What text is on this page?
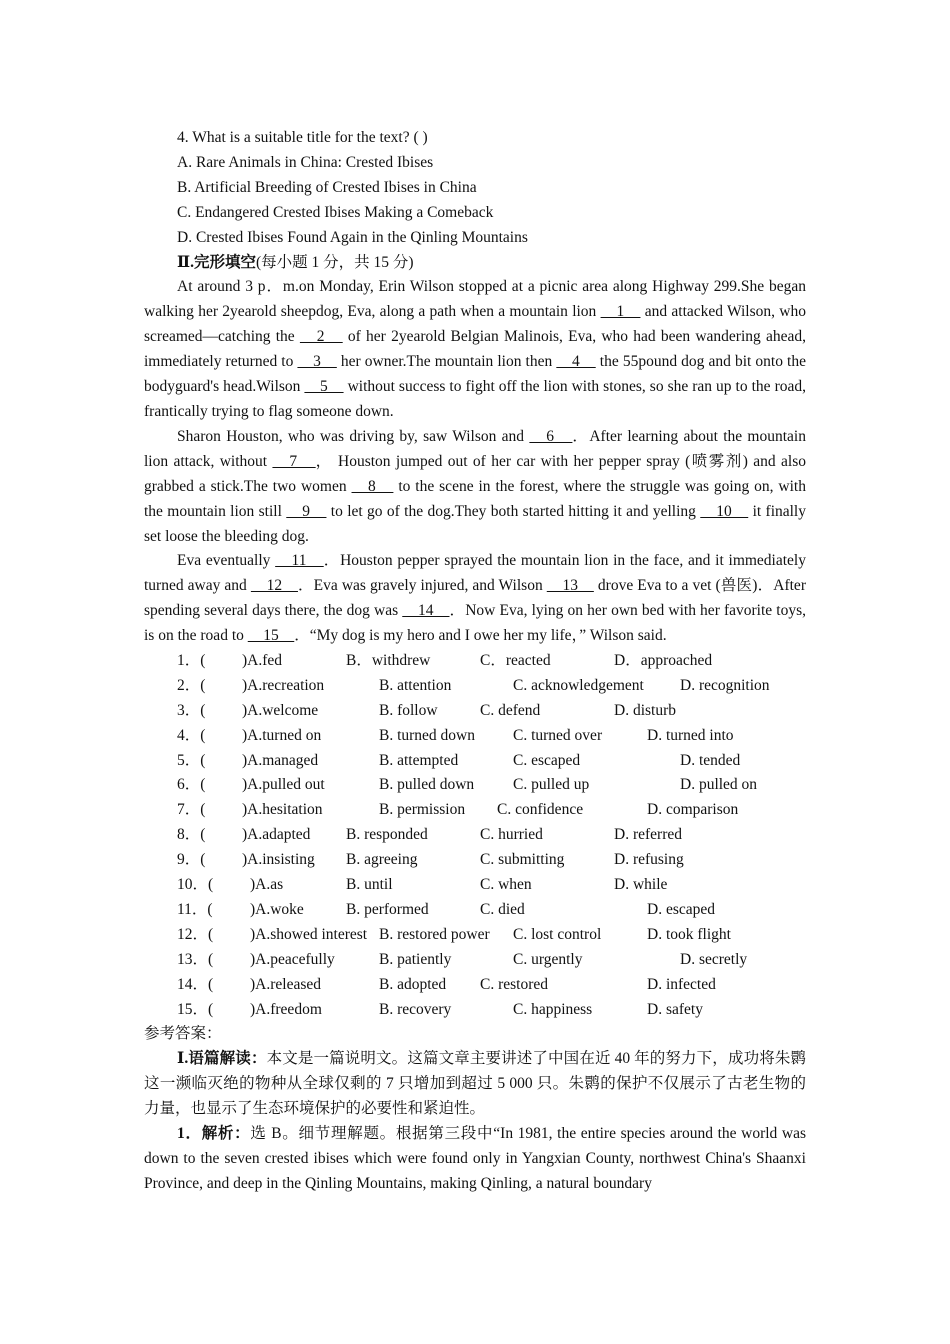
4. What is a suitable title for the text? ( )
A. Rare Animals in China: Crested Ibises
B. Artificial Breeding of Crested Ibises in China
C. Endangered Crested Ibises Making a Comeback
D. Crested Ibises Found Again in the Qinling Mountains
Ⅱ.完形填空(每小题 1 分，共 15 分)

At around 3 p．m.on Monday, Erin Wilson stopped at a picnic area along Highway 299.She began walking her 2yearold sheepdog, Eva, along a path when a mountain lion 　1　 and attacked Wilson, who screamed—catching the 　2　 of her 2yearold Belgian Malinois, Eva, who had been wandering ahead, immediately returned to 　3　 her owner.The mountain lion then 　4　 the 55pound dog and bit onto the bodyguard's head.Wilson 　5　 without success to fight off the lion with stones, so she ran up to the road, frantically trying to flag someone down.

Sharon Houston, who was driving by, saw Wilson and 　6　．After learning about the mountain lion attack, without 　7　， Houston jumped out of her car with her pepper spray (喷雾剂) and also grabbed a stick.The two women 　8　 to the scene in the forest, where the struggle was going on, with the mountain lion still 　9　 to let go of the dog.They both started hitting it and yelling 　10　 it finally set loose the bleeding dog.

Eva eventually 　11　．Houston pepper sprayed the mountain lion in the face, and it immediately turned away and 　12　．Eva was gravely injured, and Wilson 　13　 drove Eva to a vet (兽医)．After spending several days there, the dog was 　14　．Now Eva, lying on her own bed with her favorite toys, is on the road to 　15　．“My dog is my hero and I owe her my life，” Wilson said.

1．( )A.fed	B．withdrew	C．reacted	D．approached
2．( )A.recreation	B. attention	C. acknowledgement D. recognition
3．( )A.welcome	B. follow	C. defend	D. disturb
4．( )A.turned on	B. turned down C. turned over	D. turned into
5．( )A.managed	B. attempted	C. escaped	D. tended
6．( )A.pulled out	B. pulled down	C. pulled up	D. pulled on
7．( )A.hesitation	B. permission C. confidence	D. comparison
8．( )A.adapted B. responded	C. hurried	D. referred
9．( )A.insisting B. agreeing	C. submitting	D. refusing
10．( )A.as	B. until	C. when	D. while
11．( )A.woke	B. performed	C. died	D. escaped
12．( )A.showed interest B. restored power C. lost control	D. took flight
13．( )A.peacefully	B. patiently	C. urgently	D. secretly
14．( )A.released	B. adopted C. restored	D. infected
15．( )A.freedom	B. recovery	C. happiness	D. safety
参考答案：

Ⅰ.语篇解读：本文是一篇说明文。这篇文章主要讲述了中国在近 40 年的努力下，成功将朱鹮这一濒临灭绝的物种从全球仅剩的 7 只增加到超过 5 000 只。朱鹮的保护不仅展示了古老生物的力量，也显示了生态环境保护的必要性和紧迫性。

1．解析：选 B。细节理解题。根据第三段中“In 1981, the entire species around the world was down to the seven crested ibises which were found only in Yangxian County, northwest China's Shaanxi Province, and deep in the Qinling Mountains, making Qinling, a natural boundary
